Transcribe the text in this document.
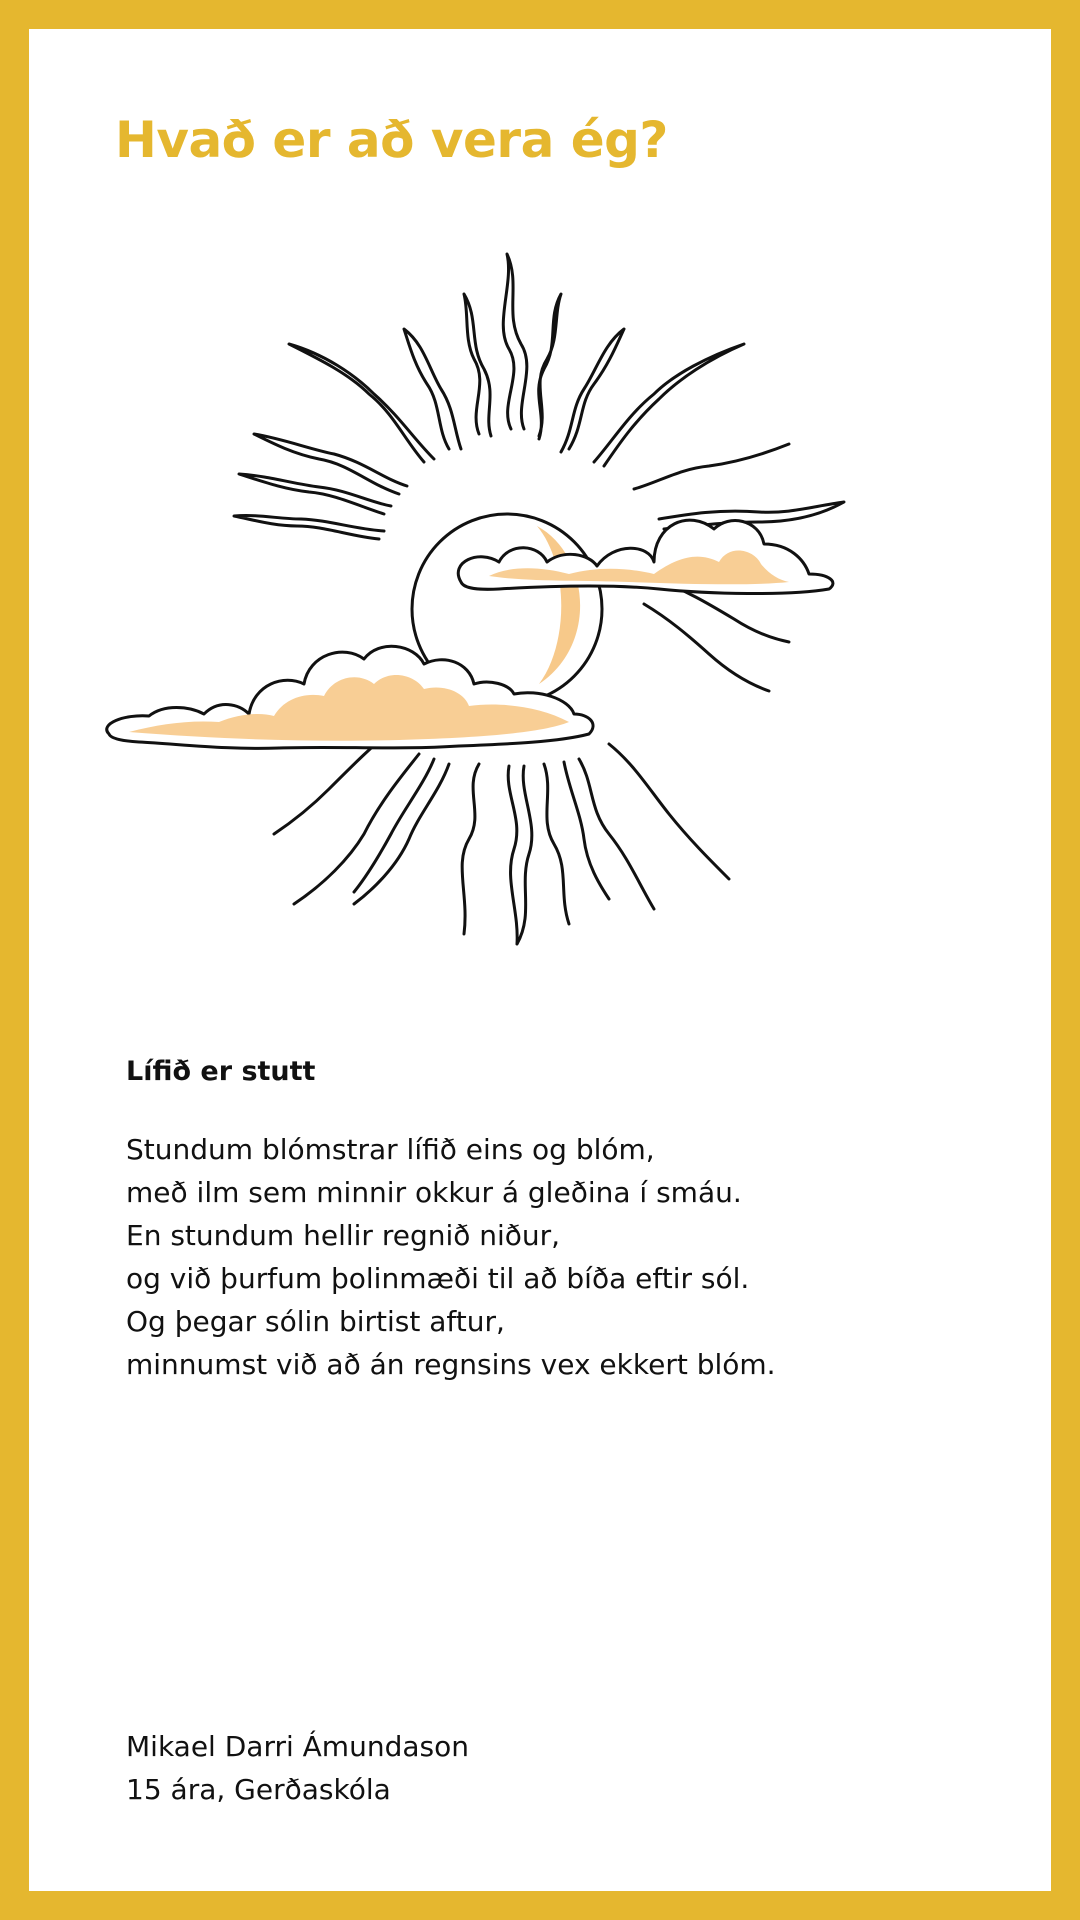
Hvað er að vera ég?
Lífið er stutt
Stundum blómstrar lífið eins og blóm,
með ilm sem minnir okkur á gleðina í smáu.
En stundum hellir regnið niður,
og við þurfum þolinmæði til að bíða eftir sól.
Og þegar sólin birtist aftur,
minnumst við að án regnsins vex ekkert blóm.
Mikael Darri Ámundason
15 ára, Gerðaskóla
